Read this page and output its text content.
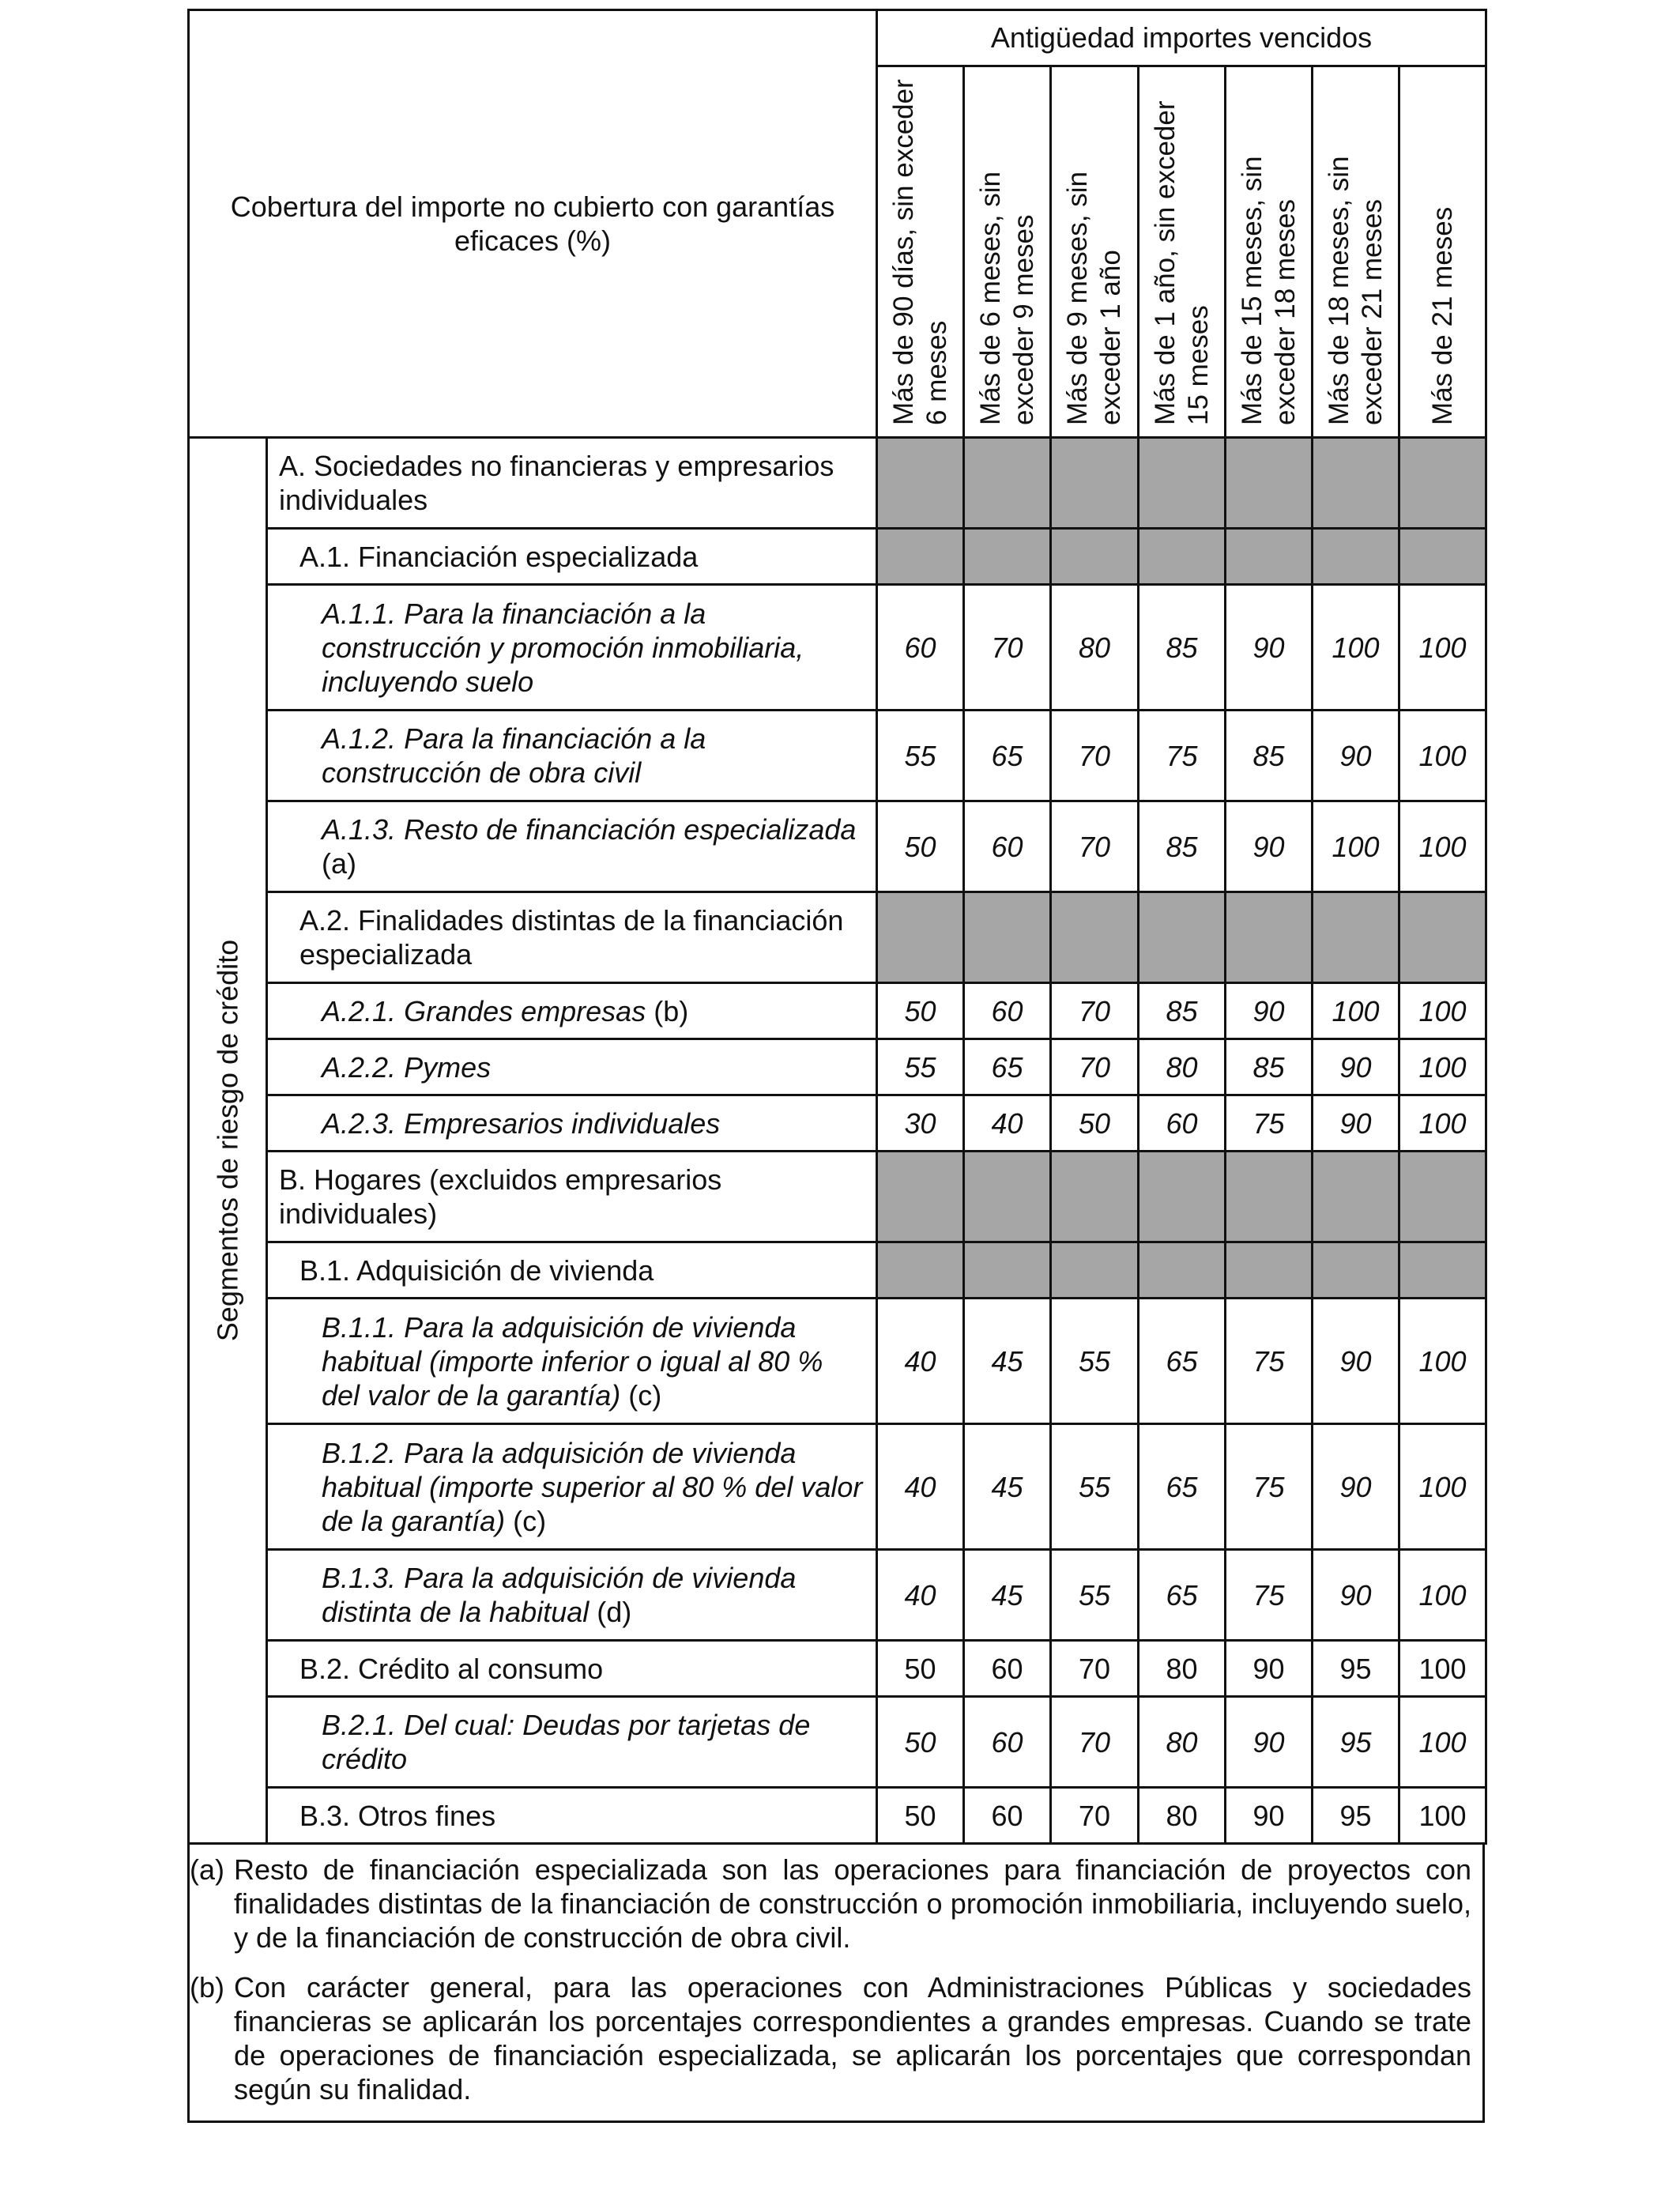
Cobertura del importe no cubierto con garantías eficaces (%)		Antigüedad importes vencidos						

		Más de 90 días, sin exceder 6 meses	Más de 6 meses, sin exceder 9 meses	Más de 9 meses, sin exceder 1 año	Más de 1 año, sin exceder 15 meses	Más de 15 meses, sin exceder 18 meses	Más de 18 meses, sin exceder 21 meses	Más de 21 meses

Segmentos de riesgo de crédito	A. Sociedades no financieras y empresarios individuales							
	A.1. Financiación especializada							
	A.1.1. Para la financiación a la construcción y promoción inmobiliaria, incluyendo suelo	60	70	80	85	90	100	100
	A.1.2. Para la financiación a la construcción de obra civil	55	65	70	75	85	90	100
	A.1.3. Resto de financiación especializada (a)	50	60	70	85	90	100	100
	A.2. Finalidades distintas de la financiación especializada							
	A.2.1. Grandes empresas (b)	50	60	70	85	90	100	100
	A.2.2. Pymes	55	65	70	80	85	90	100
	A.2.3. Empresarios individuales	30	40	50	60	75	90	100
	B. Hogares (excluidos empresarios individuales)							
	B.1. Adquisición de vivienda							
	B.1.1. Para la adquisición de vivienda habitual (importe inferior o igual al 80 % del valor de la garantía) (c)	40	45	55	65	75	90	100
	B.1.2. Para la adquisición de vivienda habitual (importe superior al 80 % del valor de la garantía) (c)	40	45	55	65	75	90	100
	B.1.3. Para la adquisición de vivienda distinta de la habitual (d)	40	45	55	65	75	90	100
	B.2. Crédito al consumo	50	60	70	80	90	95	100
	B.2.1. Del cual: Deudas por tarjetas de crédito	50	60	70	80	90	95	100
	B.3. Otros fines	50	60	70	80	90	95	100
(a) Resto de financiación especializada son las operaciones para financiación de proyectos con finalidades distintas de la financiación de construcción o promoción inmobiliaria, incluyendo suelo, y de la financiación de construcción de obra civil.
(b) Con carácter general, para las operaciones con Administraciones Públicas y sociedades financieras se aplicarán los porcentajes correspondientes a grandes empresas. Cuando se trate de operaciones de financiación especializada, se aplicarán los porcentajes que correspondan según su finalidad.
